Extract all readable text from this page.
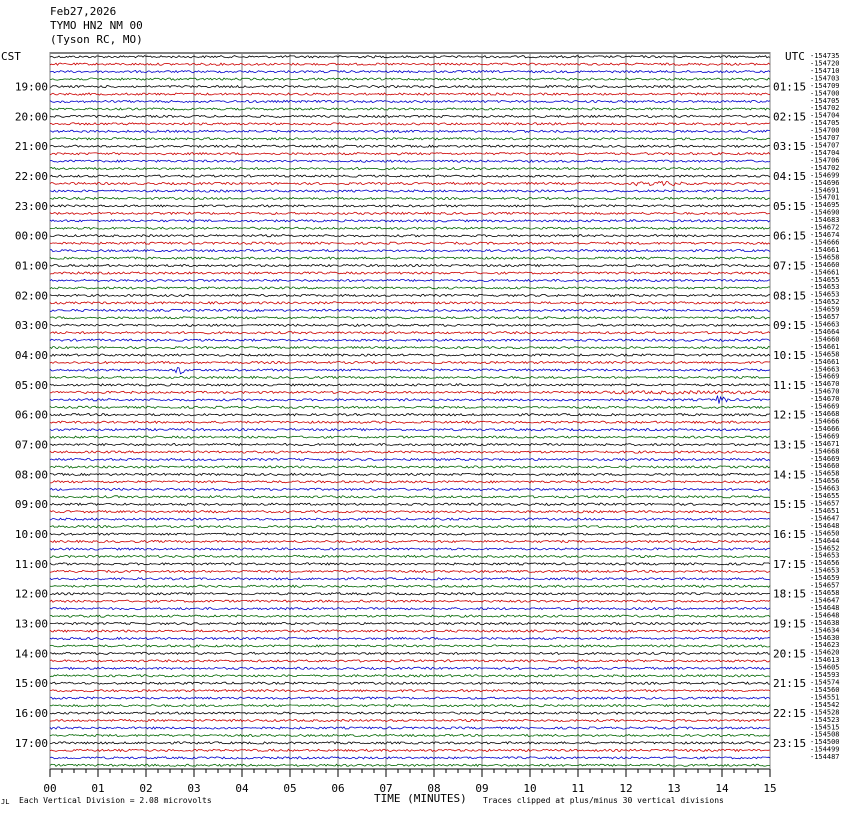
Feb27,2026
TYMO HN2 NM 00
(Tyson RC, MO)
CST	UTC
19:00
20:00
21:00
22:00
23:00
00:00
01:00
02:00
03:00
04:00
05:00
06:00
07:00
08:00
09:00
10:00
11:00
12:00
13:00
14:00
15:00
16:00
17:00
01:15
02:15
03:15
04:15
05:15
06:15
07:15
08:15
09:15
10:15
11:15
12:15
13:15
14:15
15:15
16:15
17:15
18:15
19:15
20:15
21:15
22:15
23:15
-154735
-154720
-154710
-154703
-154709
-154700
-154705
-154702
-154704
-154705
-154700
-154707
-154707
-154704
-154706
-154702
-154699
-154696
-154691
-154701
-154695
-154690
-154683
-154672
-154674
-154666
-154661
-154658
-154660
-154661
-154655
-154653
-154653
-154652
-154659
-154657
-154663
-154664
-154660
-154661
-154658
-154661
-154663
-154669
-154670
-154670
-154670
-154669
-154668
-154666
-154666
-154669
-154671
-154668
-154669
-154660
-154658
-154656
-154663
-154655
-154657
-154651
-154647
-154648
-154650
-154644
-154652
-154653
-154656
-154653
-154659
-154657
-154658
-154647
-154648
-154648
-154638
-154634
-154630
-154623
-154620
-154613
-154605
-154593
-154574
-154560
-154551
-154542
-154528
-154523
-154515
-154508
-154500
-154499
-154487
00	01	02	03	04	05	06	07	08	09	10	11	12	13	14	15
JL Each Vertical Division = 2.08 microvolts	TIME (MINUTES) Traces clipped at plus/minus 30 vertical divisions
